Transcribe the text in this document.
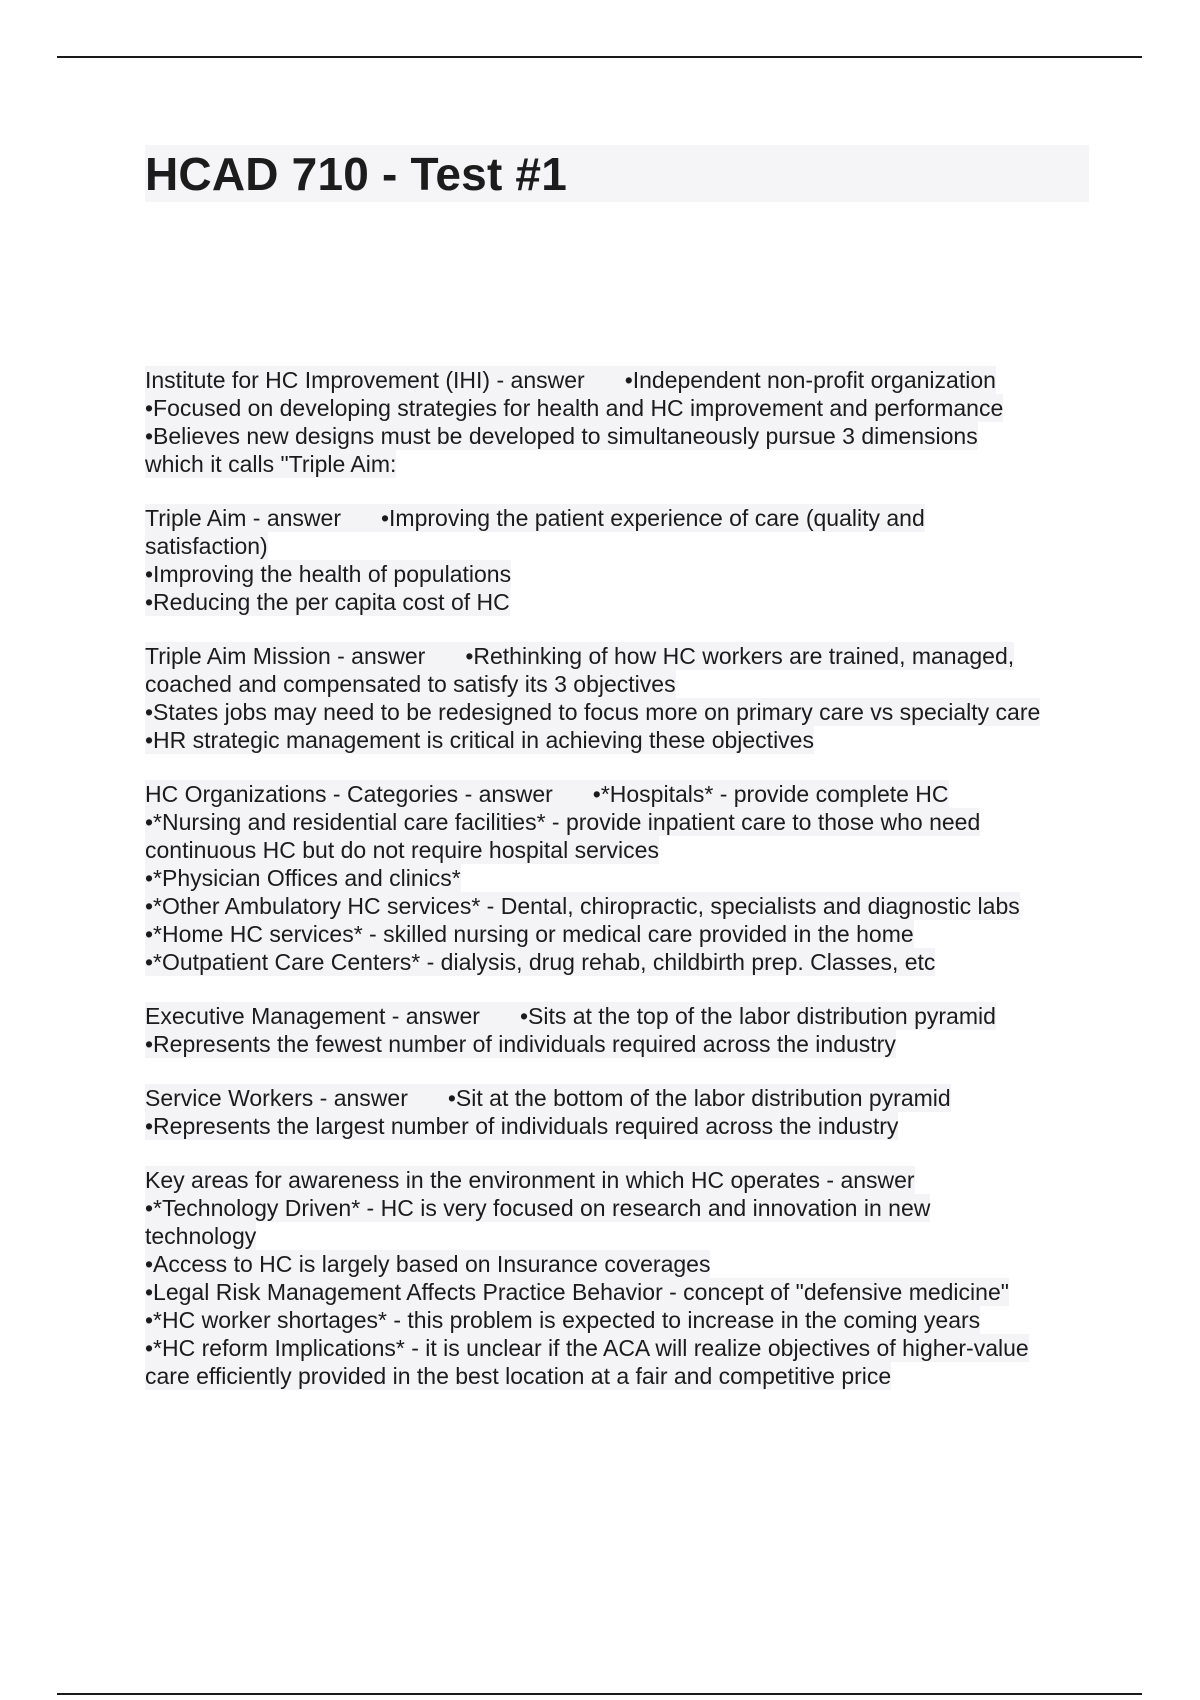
HCAD 710 - Test #1
Institute for HC Improvement (IHI) - answer •Independent non-profit organization
•Focused on developing strategies for health and HC improvement and performance
•Believes new designs must be developed to simultaneously pursue 3 dimensions
which it calls "Triple Aim:
Triple Aim - answer •Improving the patient experience of care (quality and
satisfaction)
•Improving the health of populations
•Reducing the per capita cost of HC
Triple Aim Mission - answer •Rethinking of how HC workers are trained, managed,
coached and compensated to satisfy its 3 objectives
•States jobs may need to be redesigned to focus more on primary care vs specialty care
•HR strategic management is critical in achieving these objectives
HC Organizations - Categories - answer •*Hospitals* - provide complete HC
•*Nursing and residential care facilities* - provide inpatient care to those who need
continuous HC but do not require hospital services
•*Physician Offices and clinics*
•*Other Ambulatory HC services* - Dental, chiropractic, specialists and diagnostic labs
•*Home HC services* - skilled nursing or medical care provided in the home
•*Outpatient Care Centers* - dialysis, drug rehab, childbirth prep. Classes, etc
Executive Management - answer •Sits at the top of the labor distribution pyramid
•Represents the fewest number of individuals required across the industry
Service Workers - answer •Sit at the bottom of the labor distribution pyramid
•Represents the largest number of individuals required across the industry
Key areas for awareness in the environment in which HC operates - answer
•*Technology Driven* - HC is very focused on research and innovation in new
technology
•Access to HC is largely based on Insurance coverages
•Legal Risk Management Affects Practice Behavior - concept of "defensive medicine"
•*HC worker shortages* - this problem is expected to increase in the coming years
•*HC reform Implications* - it is unclear if the ACA will realize objectives of higher-value
care efficiently provided in the best location at a fair and competitive price
